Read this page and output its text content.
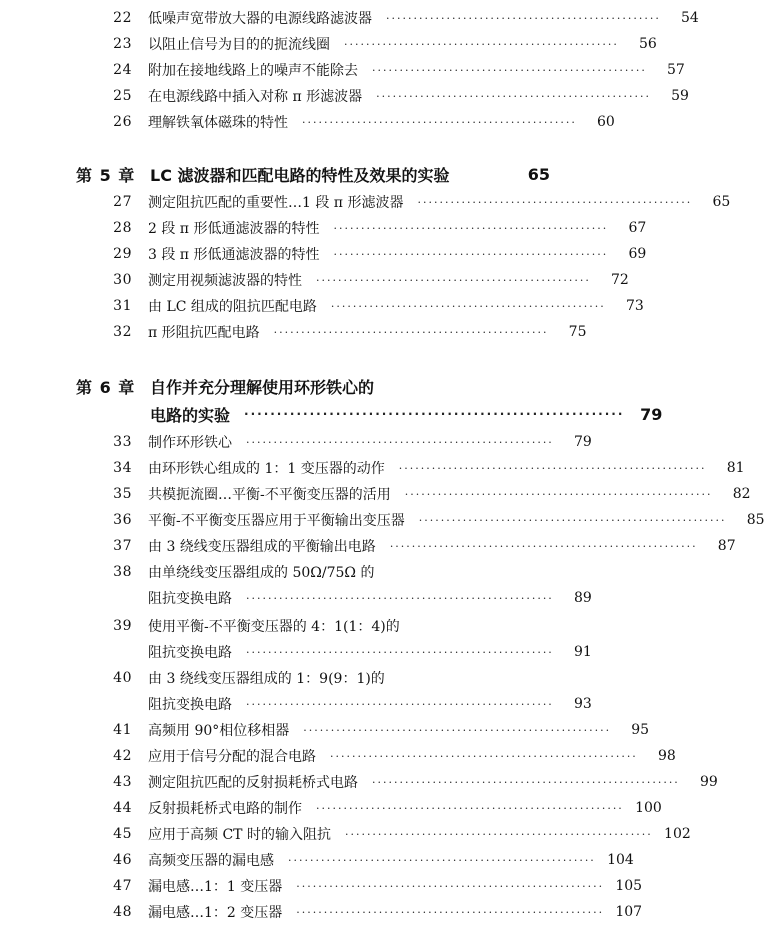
22 低噪声宽带放大器的电源线路滤波器 ··················································	54
23 以阻止信号为目的的扼流线圈 ··················································	56
24 附加在接地线路上的噪声不能除去 ··················································	57
25 在电源线路中插入对称 π 形滤波器 ··················································	59
26 理解铁氧体磁珠的特性 ··················································	60
第 5 章 LC 滤波器和匹配电路的特性及效果的实验	65
27 测定阻抗匹配的重要性…1 段 π 形滤波器 ··················································	65
28 2 段 π 形低通滤波器的特性 ··················································	67
29 3 段 π 形低通滤波器的特性 ··················································	69
30 测定用视频滤波器的特性 ··················································	72
31 由 LC 组成的阻抗匹配电路 ··················································	73
32 π 形阻抗匹配电路 ··················································	75
第 6 章 自作并充分理解使用环形铁心的
电路的实验 ·························································· 79
33 制作环形铁心 ························································	79
34 由环形铁心组成的 1：1 变压器的动作 ························································	81
35 共模扼流圈…平衡-不平衡变压器的活用 ························································	82
36 平衡-不平衡变压器应用于平衡输出变压器 ························································	85
37 由 3 绕线变压器组成的平衡输出电路 ························································	87
38 由单绕线变压器组成的 50Ω/75Ω 的
阻抗变换电路 ························································	89
39 使用平衡-不平衡变压器的 4：1(1：4)的
阻抗变换电路 ························································	91
40 由 3 绕线变压器组成的 1：9(9：1)的
阻抗变换电路 ························································	93
41 高频用 90°相位移相器 ························································	95
42 应用于信号分配的混合电路 ························································	98
43 测定阻抗匹配的反射损耗桥式电路 ························································	99
44 反射损耗桥式电路的制作 ························································ 100
45 应用于高频 CT 时的输入阻抗 ························································ 102
46 高频变压器的漏电感 ························································ 104
47 漏电感…1：1 变压器 ························································ 105
48 漏电感…1：2 变压器 ························································ 107
